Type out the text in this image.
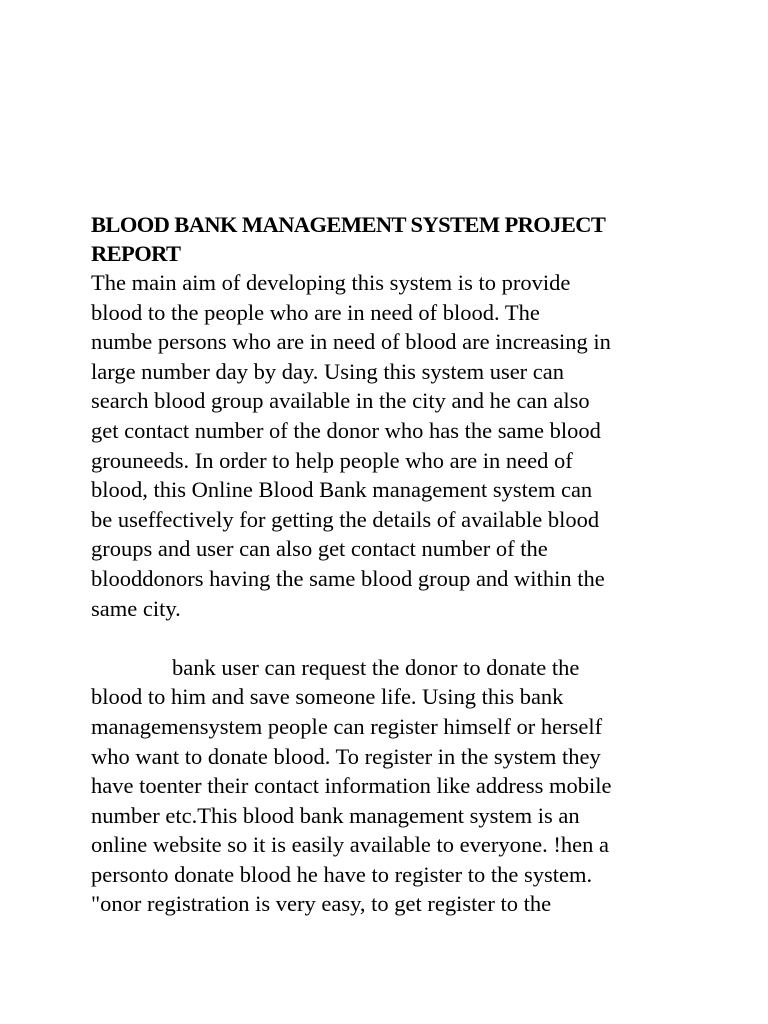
BLOOD BANK MANAGEMENT SYSTEM PROJECT
REPORT

The main aim of developing this system is to provide
blood to the people who are in need of blood. The
numbe persons who are in need of blood are increasing in
large number day by day. Using this system user can
search blood group available in the city and he can also
get contact number of the donor who has the same blood
grouneeds. In order to help people who are in need of
blood, this Online Blood Bank management system can
be useffectively for getting the details of available blood
groups and user can also get contact number of the
blooddonors having the same blood group and within the
same city.

bank user can request the donor to donate the
blood to him and save someone life. Using this bank
managemensystem people can register himself or herself
who want to donate blood. To register in the system they
have toenter their contact information like address mobile
number etc.This blood bank management system is an
online website so it is easily available to everyone. !hen a
personto donate blood he have to register to the system.
"onor registration is very easy, to get register to the
